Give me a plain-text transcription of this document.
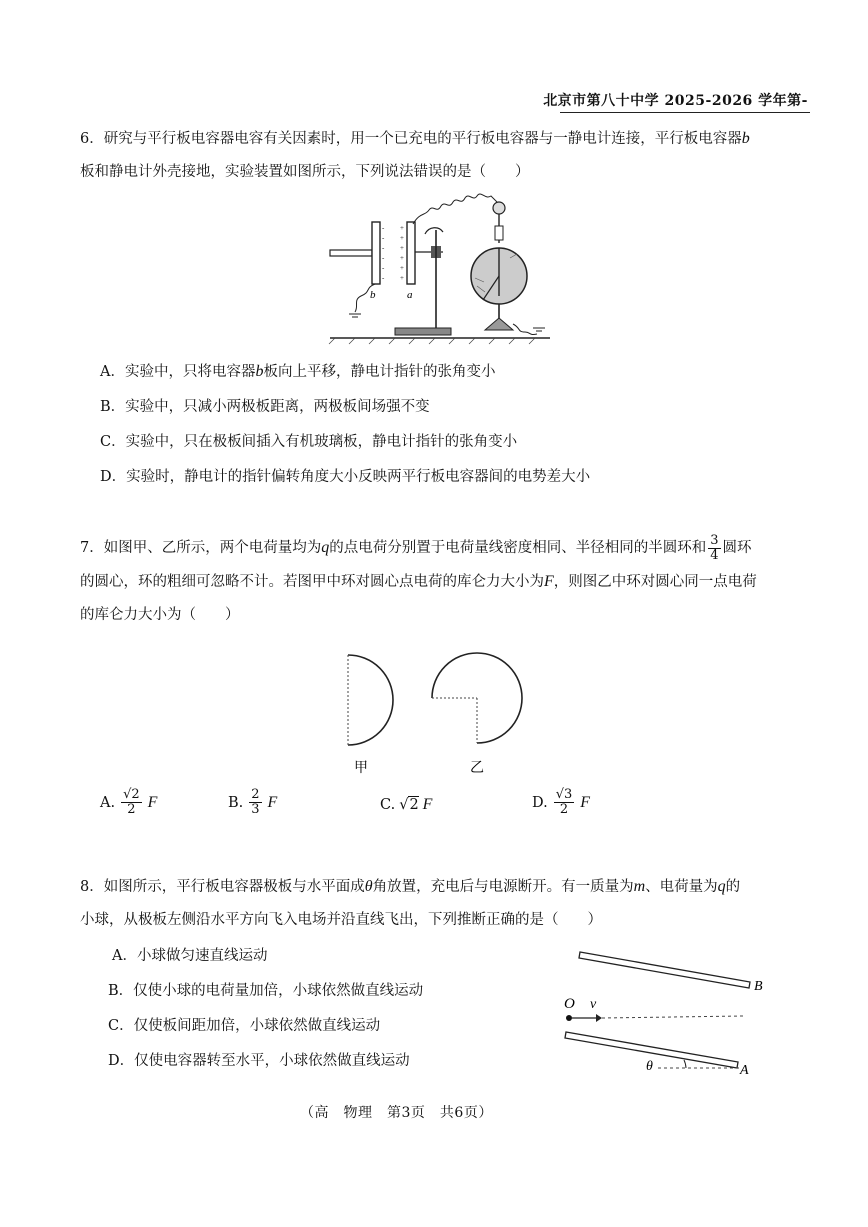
北京市第八十中学 2025-2026 学年第-
6．研究与平行板电容器电容有关因素时，用一个已充电的平行板电容器与一静电计连接，平行板电容器b
板和静电计外壳接地，实验装置如图所示，下列说法错误的是（　　）
-
-
-
-
-
-
b
+
+
+
+
+
+
a
A．实验中，只将电容器b板向上平移，静电计指针的张角变小
B．实验中，只减小两极板距离，两极板间场强不变
C．实验中，只在极板间插入有机玻璃板，静电计指针的张角变小
D．实验时，静电计的指针偏转角度大小反映两平行板电容器间的电势差大小
7．如图甲、乙所示，两个电荷量均为q的点电荷分别置于电荷量线密度相同、半径相同的半圆环和 $\frac{3}{4}$ 圆环
的圆心，环的粗细可忽略不计。若图甲中环对圆心点电荷的库仑力大小为F，则图乙中环对圆心同一点电荷
的库仑力大小为（　　）
甲	乙
A. $\frac{√2}{2}$ F	B. $\frac{2}{3}$ F	C. √2 F	D. $\frac{√3}{2}$ F
8．如图所示，平行板电容器极板与水平面成θ角放置，充电后与电源断开。有一质量为m、电荷量为q的
小球，从极板左侧沿水平方向飞入电场并沿直线飞出，下列推断正确的是（　　）
A．小球做匀速直线运动
B．仅使小球的电荷量加倍，小球依然做直线运动
C．仅使板间距加倍，小球依然做直线运动
D．仅使电容器转至水平，小球依然做直线运动
B
O v
θ	A
（高　物理　第3页　共6页）
